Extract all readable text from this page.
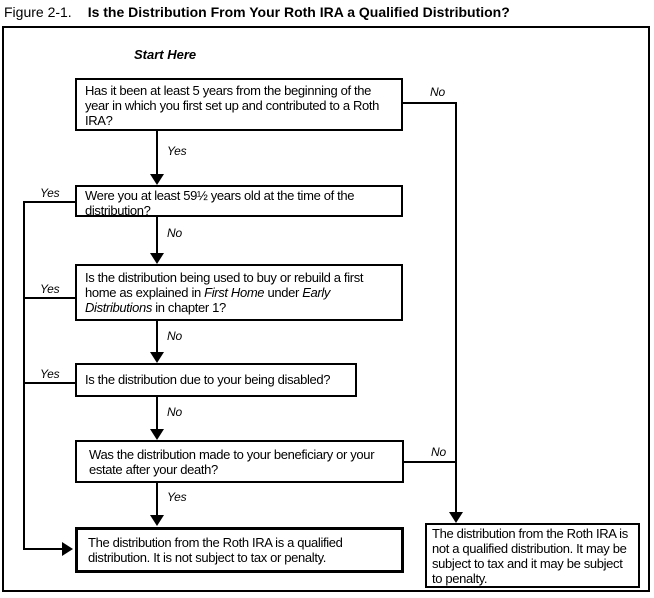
Figure 2-1. Is the Distribution From Your Roth IRA a Qualified Distribution?
Start Here
Has it been at least 5 years from the beginning of the year in which you first set up and contributed to a Roth IRA?
Were you at least 59½ years old at the time of the distribution?
Is the distribution being used to buy or rebuild a first home as explained in First Home under Early Distributions in chapter 1?
Is the distribution due to your being disabled?
Was the distribution made to your beneficiary or your estate after your death?
The distribution from the Roth IRA is a qualified distribution. It is not subject to tax or penalty.
The distribution from the Roth IRA is not a qualified distribution. It may be subject to tax and it may be subject to penalty.
Yes
No
Yes
No
Yes
No
Yes
No
Yes
No
